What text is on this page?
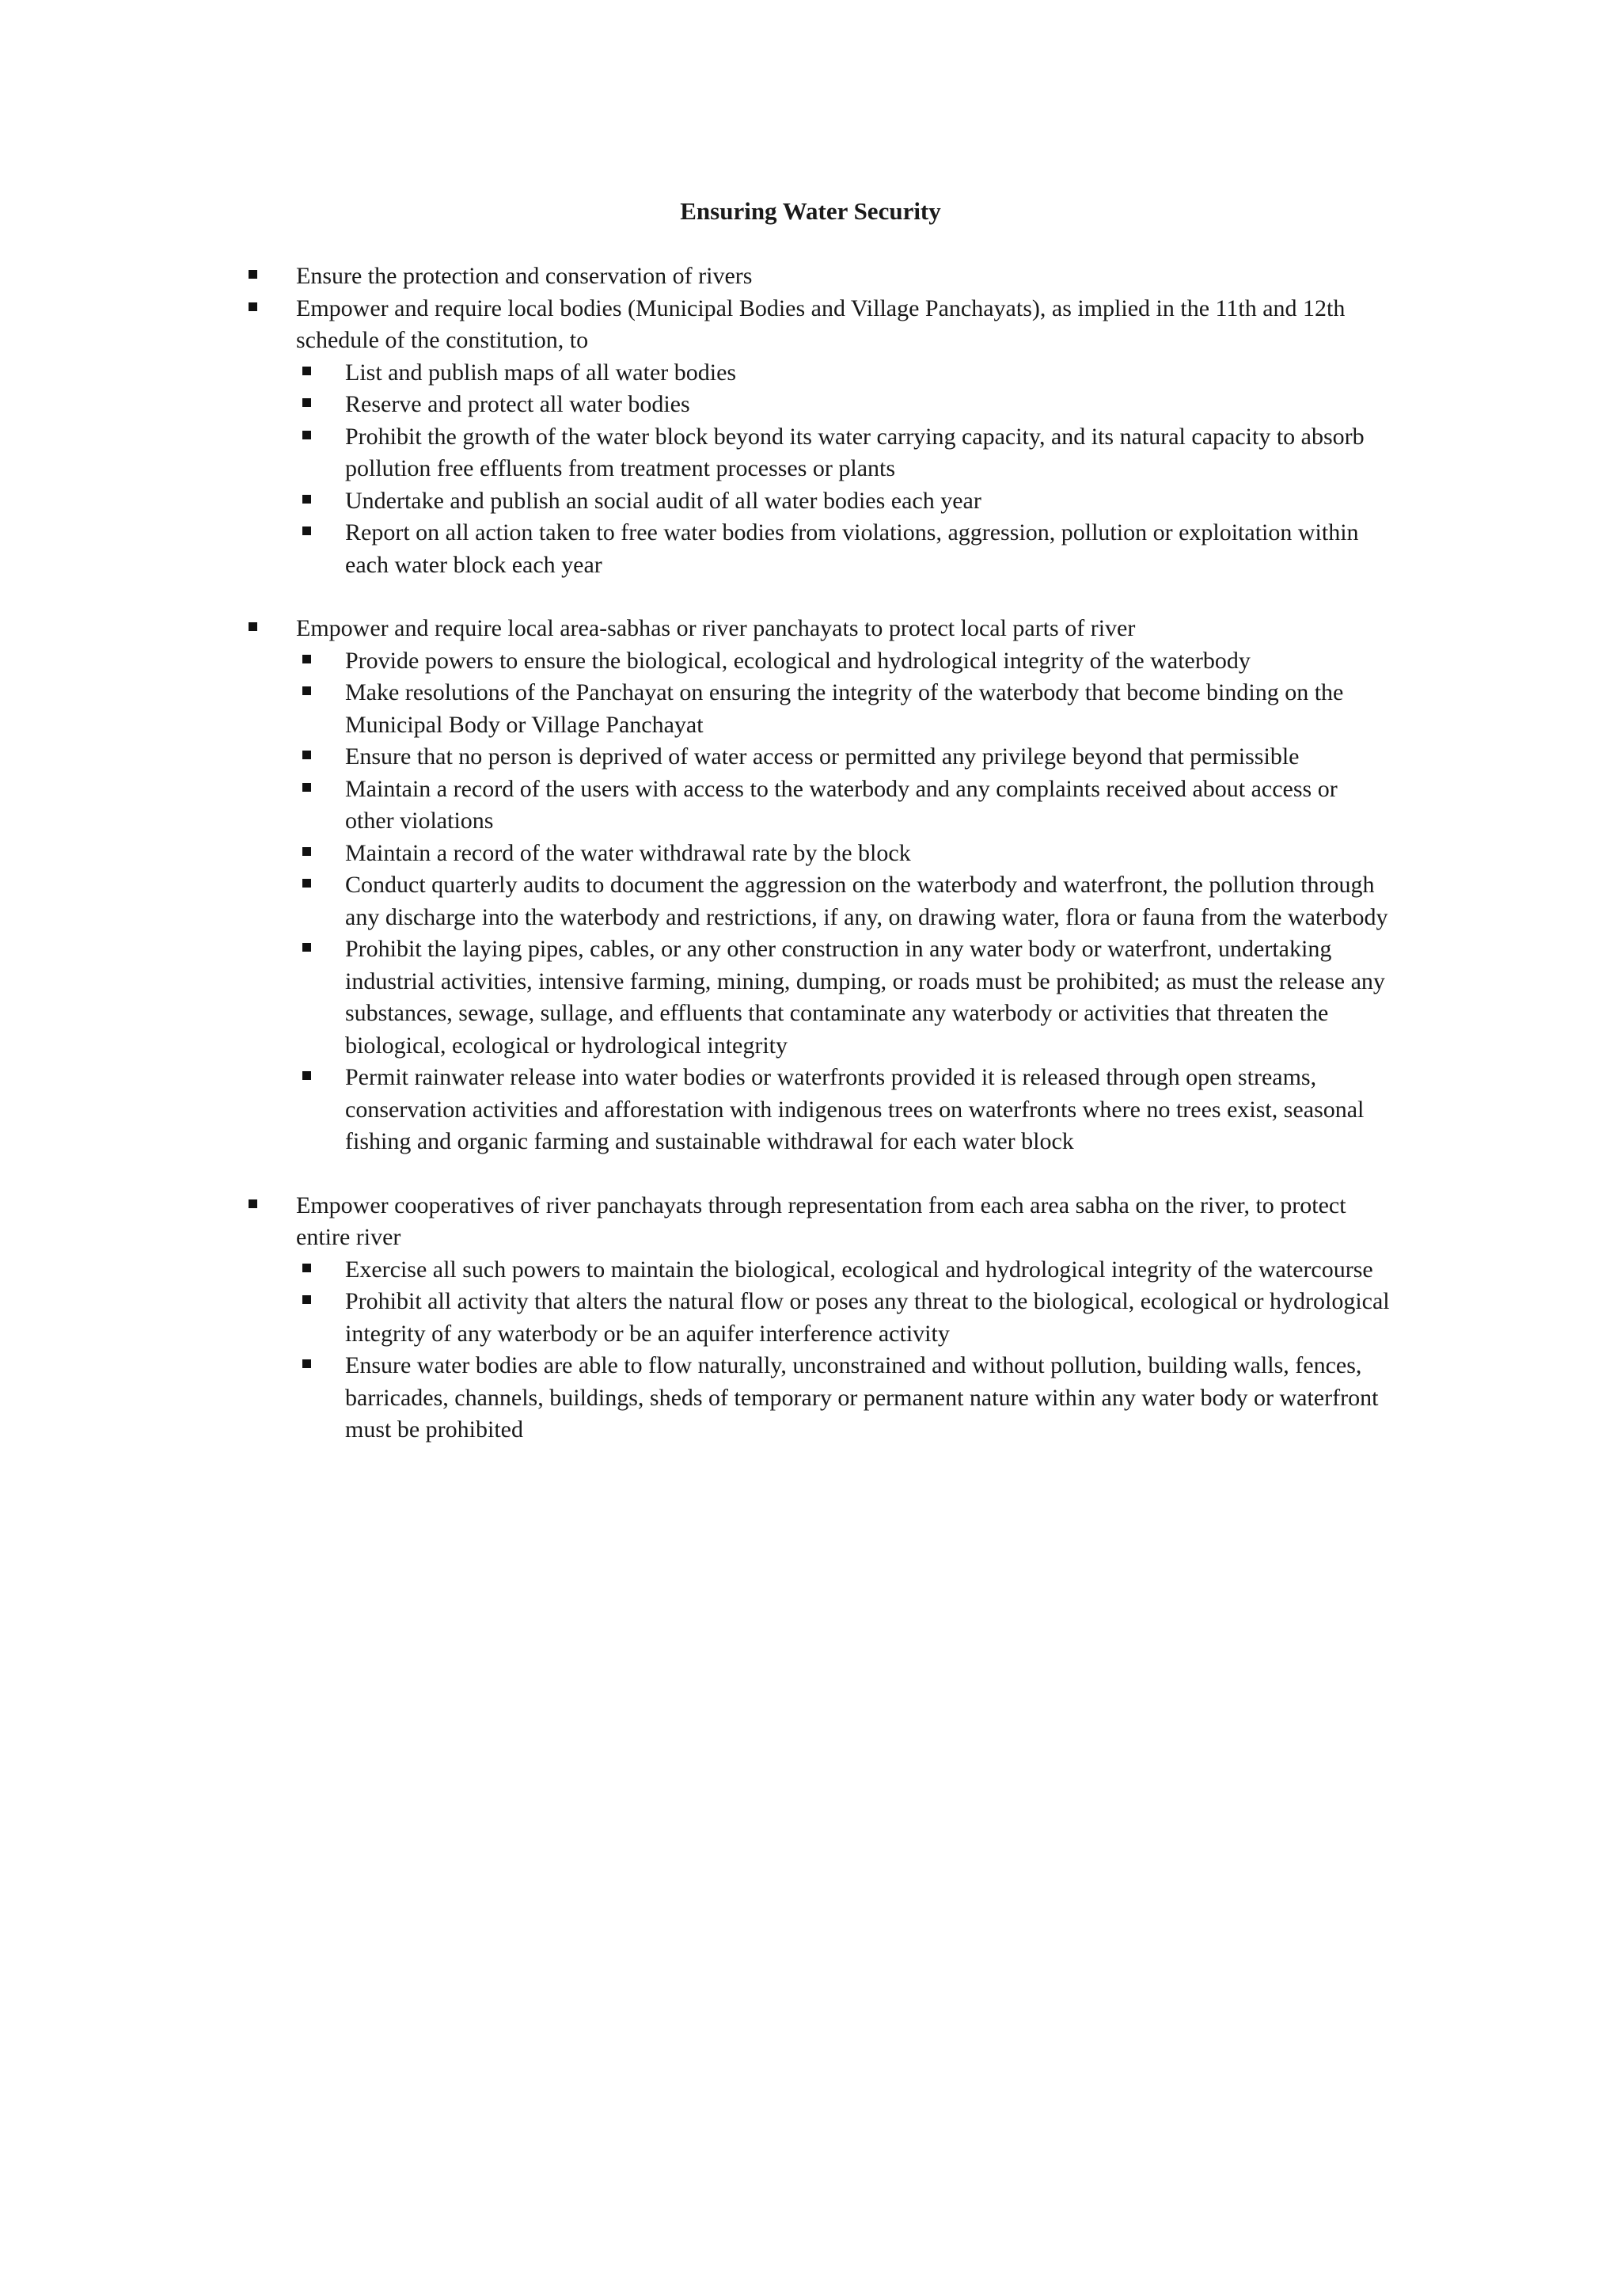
Ensuring Water Security
Ensure the protection and conservation of rivers
Empower and require local bodies (Municipal Bodies and Village Panchayats), as implied in the 11th and 12th schedule of the constitution, to
List and publish maps of all water bodies
Reserve and protect all water bodies
Prohibit the growth of the water block beyond its water carrying capacity, and its natural capacity to absorb pollution free effluents from treatment processes or plants
Undertake and publish an social audit of all water bodies each year
Report on all action taken to free water bodies from violations, aggression, pollution or exploitation within each water block each year
Empower and require local area-sabhas or river panchayats to protect local parts of river
Provide powers to ensure the biological, ecological and hydrological integrity of the waterbody
Make resolutions of the Panchayat on ensuring the integrity of the waterbody that become binding on the Municipal Body or Village Panchayat
Ensure that no person is deprived of water access or permitted any privilege beyond that permissible
Maintain a record of the users with access to the waterbody and any complaints received about access or other violations
Maintain a record of the water withdrawal rate by the block
Conduct quarterly audits to document the aggression on the waterbody and waterfront, the pollution through any discharge into the waterbody and restrictions, if any, on drawing water, flora or fauna from the waterbody
Prohibit the laying pipes, cables, or any other construction in any water body or waterfront, undertaking industrial activities, intensive farming, mining, dumping, or roads must be prohibited; as must the release any substances, sewage, sullage, and effluents that contaminate any waterbody or activities that threaten the biological, ecological or hydrological integrity
Permit rainwater release into water bodies or waterfronts provided it is released through open streams, conservation activities and afforestation with indigenous trees on waterfronts where no trees exist, seasonal fishing and organic farming and sustainable withdrawal for each water block
Empower cooperatives of river panchayats through representation from each area sabha on the river, to protect entire river
Exercise all such powers to maintain the biological, ecological and hydrological integrity of the watercourse
Prohibit all activity that alters the natural flow or poses any threat to the biological, ecological or hydrological integrity of any waterbody or be an aquifer interference activity
Ensure water bodies are able to flow naturally, unconstrained and without pollution, building walls, fences, barricades, channels, buildings, sheds of temporary or permanent nature within any water body or waterfront must be prohibited
